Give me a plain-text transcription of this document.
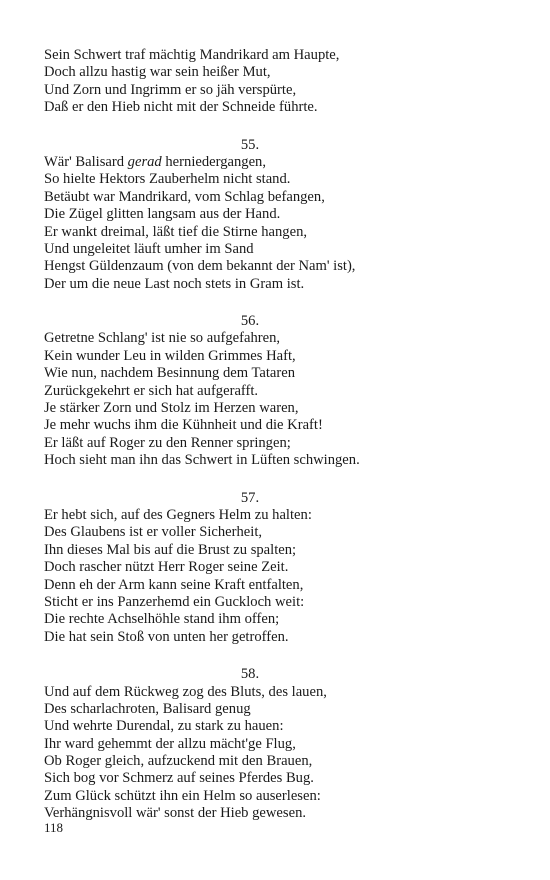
Sein Schwert traf mächtig Mandrikard am Haupte,
Doch allzu hastig war sein heißer Mut,
Und Zorn und Ingrimm er so jäh verspürte,
Daß er den Hieb nicht mit der Schneide führte.
55.
Wär' Balisard gerad herniedergangen,
So hielte Hektors Zauberhelm nicht stand.
Betäubt war Mandrikard, vom Schlag befangen,
Die Zügel glitten langsam aus der Hand.
Er wankt dreimal, läßt tief die Stirne hangen,
Und ungeleitet läuft umher im Sand
Hengst Güldenzaum (von dem bekannt der Nam' ist),
Der um die neue Last noch stets in Gram ist.
56.
Getretne Schlang' ist nie so aufgefahren,
Kein wunder Leu in wilden Grimmes Haft,
Wie nun, nachdem Besinnung dem Tataren
Zurückgekehrt er sich hat aufgerafft.
Je stärker Zorn und Stolz im Herzen waren,
Je mehr wuchs ihm die Kühnheit und die Kraft!
Er läßt auf Roger zu den Renner springen;
Hoch sieht man ihn das Schwert in Lüften schwingen.
57.
Er hebt sich, auf des Gegners Helm zu halten:
Des Glaubens ist er voller Sicherheit,
Ihn dieses Mal bis auf die Brust zu spalten;
Doch rascher nützt Herr Roger seine Zeit.
Denn eh der Arm kann seine Kraft entfalten,
Sticht er ins Panzerhemd ein Guckloch weit:
Die rechte Achselhöhle stand ihm offen;
Die hat sein Stoß von unten her getroffen.
58.
Und auf dem Rückweg zog des Bluts, des lauen,
Des scharlachroten, Balisard genug
Und wehrte Durendal, zu stark zu hauen:
Ihr ward gehemmt der allzu mächt'ge Flug,
Ob Roger gleich, aufzuckend mit den Brauen,
Sich bog vor Schmerz auf seines Pferdes Bug.
Zum Glück schützt ihn ein Helm so auserlesen:
Verhängnisvoll wär' sonst der Hieb gewesen.
118
